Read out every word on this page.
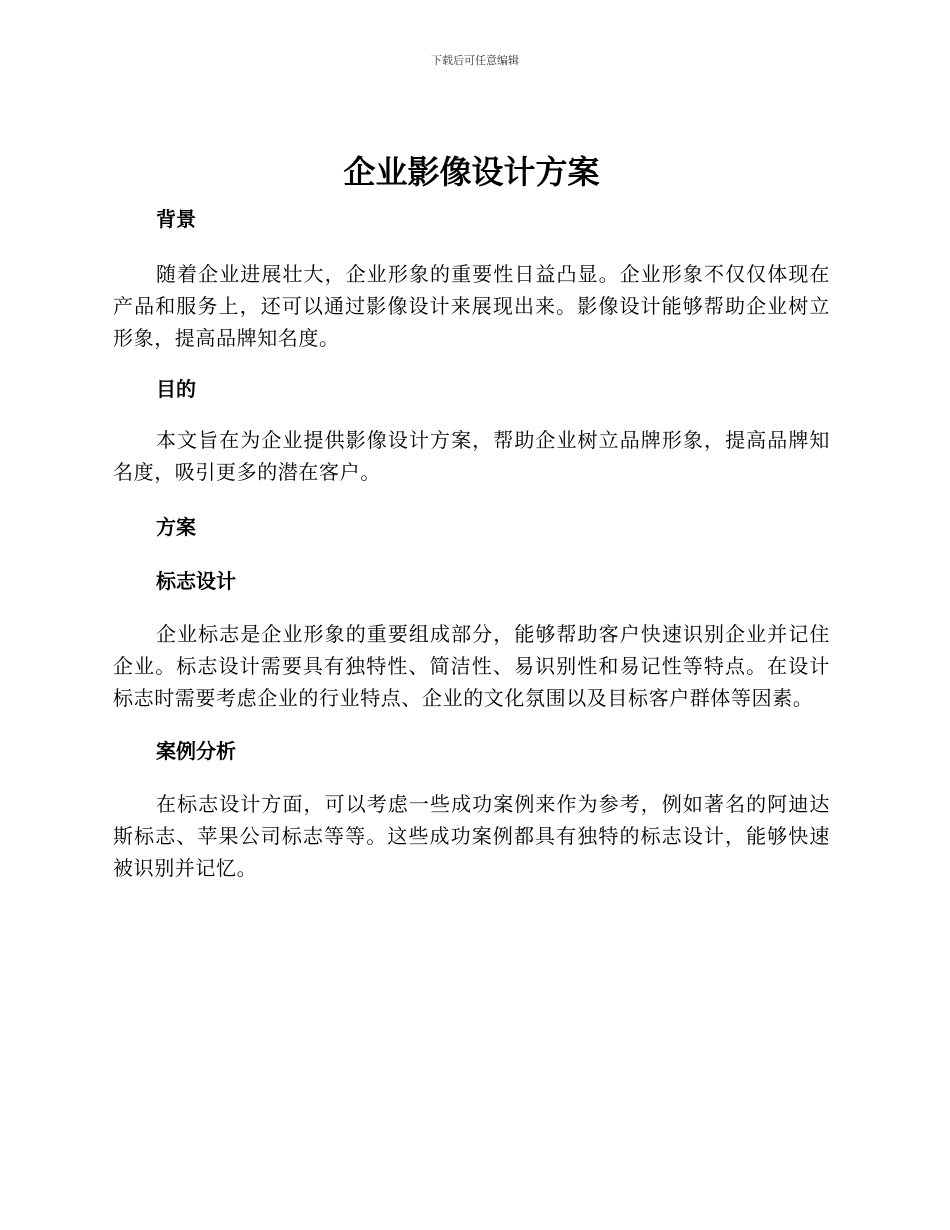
下载后可任意编辑
企业影像设计方案
背景

随着企业进展壮大，企业形象的重要性日益凸显。企业形象不仅仅体现在产品和服务上，还可以通过影像设计来展现出来。影像设计能够帮助企业树立形象，提高品牌知名度。

目的

本文旨在为企业提供影像设计方案，帮助企业树立品牌形象，提高品牌知名度，吸引更多的潜在客户。

方案
标志设计

企业标志是企业形象的重要组成部分，能够帮助客户快速识别企业并记住企业。标志设计需要具有独特性、简洁性、易识别性和易记性等特点。在设计标志时需要考虑企业的行业特点、企业的文化氛围以及目标客户群体等因素。

案例分析

在标志设计方面，可以考虑一些成功案例来作为参考，例如著名的阿迪达斯标志、苹果公司标志等等。这些成功案例都具有独特的标志设计，能够快速被识别并记忆。
